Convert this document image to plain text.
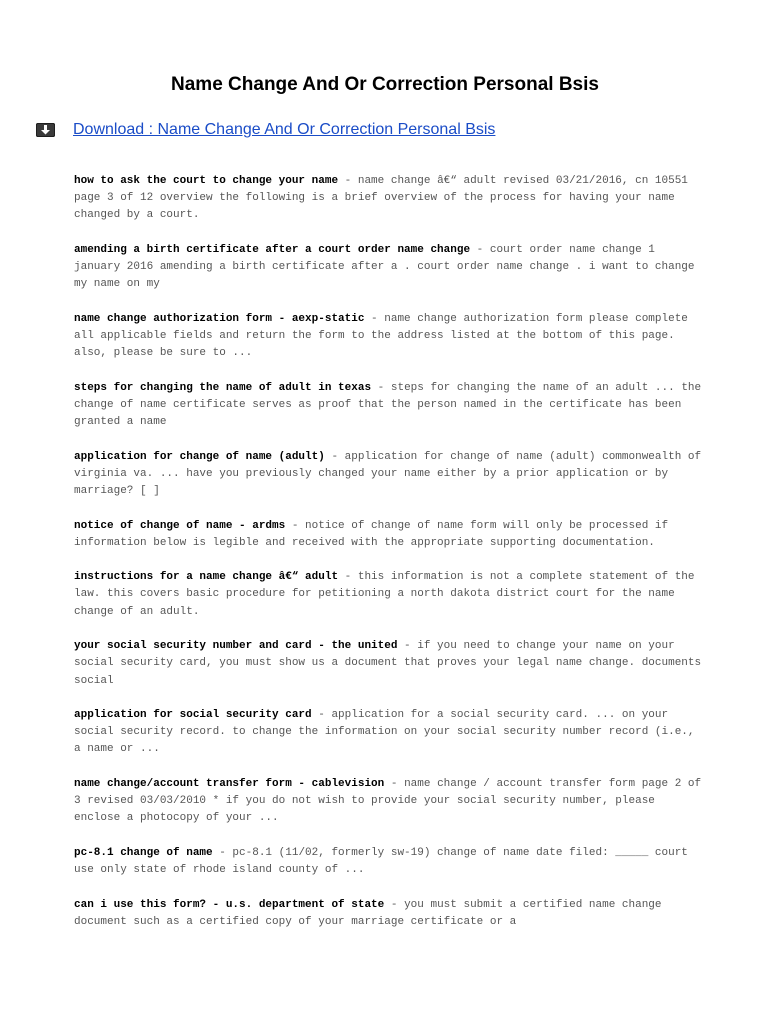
Name Change And Or Correction Personal Bsis
Download : Name Change And Or Correction Personal Bsis

how to ask the court to change your name - name change â€“ adult revised 03/21/2016, cn 10551 page 3 of 12 overview the following is a brief overview of the process for having your name changed by a court.

amending a birth certificate after a court order name change - court order name change 1 january 2016 amending a birth certificate after a . court order name change . i want to change my name on my

name change authorization form - aexp-static - name change authorization form please complete all applicable fields and return the form to the address listed at the bottom of this page. also, please be sure to ...

steps for changing the name of adult in texas - steps for changing the name of an adult ... the change of name certificate serves as proof that the person named in the certificate has been granted a name

application for change of name (adult) - application for change of name (adult) commonwealth of virginia va. ... have you previously changed your name either by a prior application or by marriage? [ ]

notice of change of name - ardms - notice of change of name form will only be processed if information below is legible and received with the appropriate supporting documentation.

instructions for a name change â€“ adult - this information is not a complete statement of the law. this covers basic procedure for petitioning a north dakota district court for the name change of an adult.

your social security number and card - the united - if you need to change your name on your social security card, you must show us a document that proves your legal name change. documents social

application for social security card - application for a social security card. ... on your social security record. to change the information on your social security number record (i.e., a name or ...

name change/account transfer form - cablevision - name change / account transfer form page 2 of 3 revised 03/03/2010 * if you do not wish to provide your social security number, please enclose a photocopy of your ...

pc-8.1 change of name - pc-8.1 (11/02, formerly sw-19) change of name date filed: _____ court use only state of rhode island county of ...

can i use this form? - u.s. department of state - you must submit a certified name change document such as a certified copy of your marriage certificate or a
